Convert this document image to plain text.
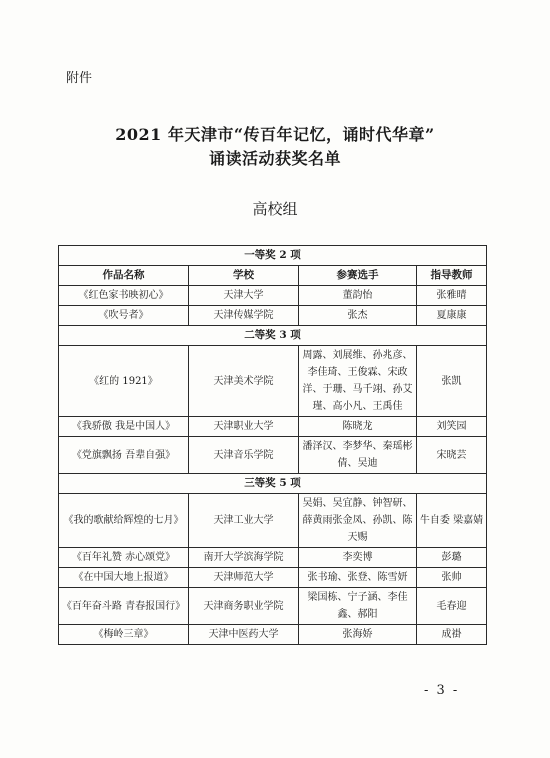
附件
2021 年天津市“传百年记忆，诵时代华章”
诵读活动获奖名单
高校组
一等奖 2 项			
作品名称	学校	参赛选手	指导教师
《红色家书映初心》	天津大学	董韵怡	张雅晴
《吹号者》	天津传媒学院	张杰	夏康康
二等奖 3 项			
《红的 1921》	天津美术学院	周露、刘展维、孙兆彦、李佳琦、王俊霖、宋政洋、于珊、马千翊、孙艾瑾、高小凡、王禹佳	张凯
《我骄傲 我是中国人》	天津职业大学	陈晓龙	刘笑园
《党旗飘扬 吾辈自强》	天津音乐学院	潘泽汉、李梦华、秦瑶彬倩、吴迪	宋晓芸
三等奖 5 项			
《我的歌献给辉煌的七月》	天津工业大学	吴娟、吴宜静、钟智研、薛黄雨张金凤、孙凯、陈天赐	牛自委 梁嘉婧
《百年礼赞 赤心颂党》	南开大学滨海学院	李奕博	彭璐
《在中国大地上报道》	天津师范大学	张书瑜、张登、陈雪妍	张帅
《百年奋斗路 青春报国行》	天津商务职业学院	梁国栋、宁子涵、李佳鑫、郝阳	毛春迎
《梅岭三章》	天津中医药大学	张海娇	成褂
- 3 -
